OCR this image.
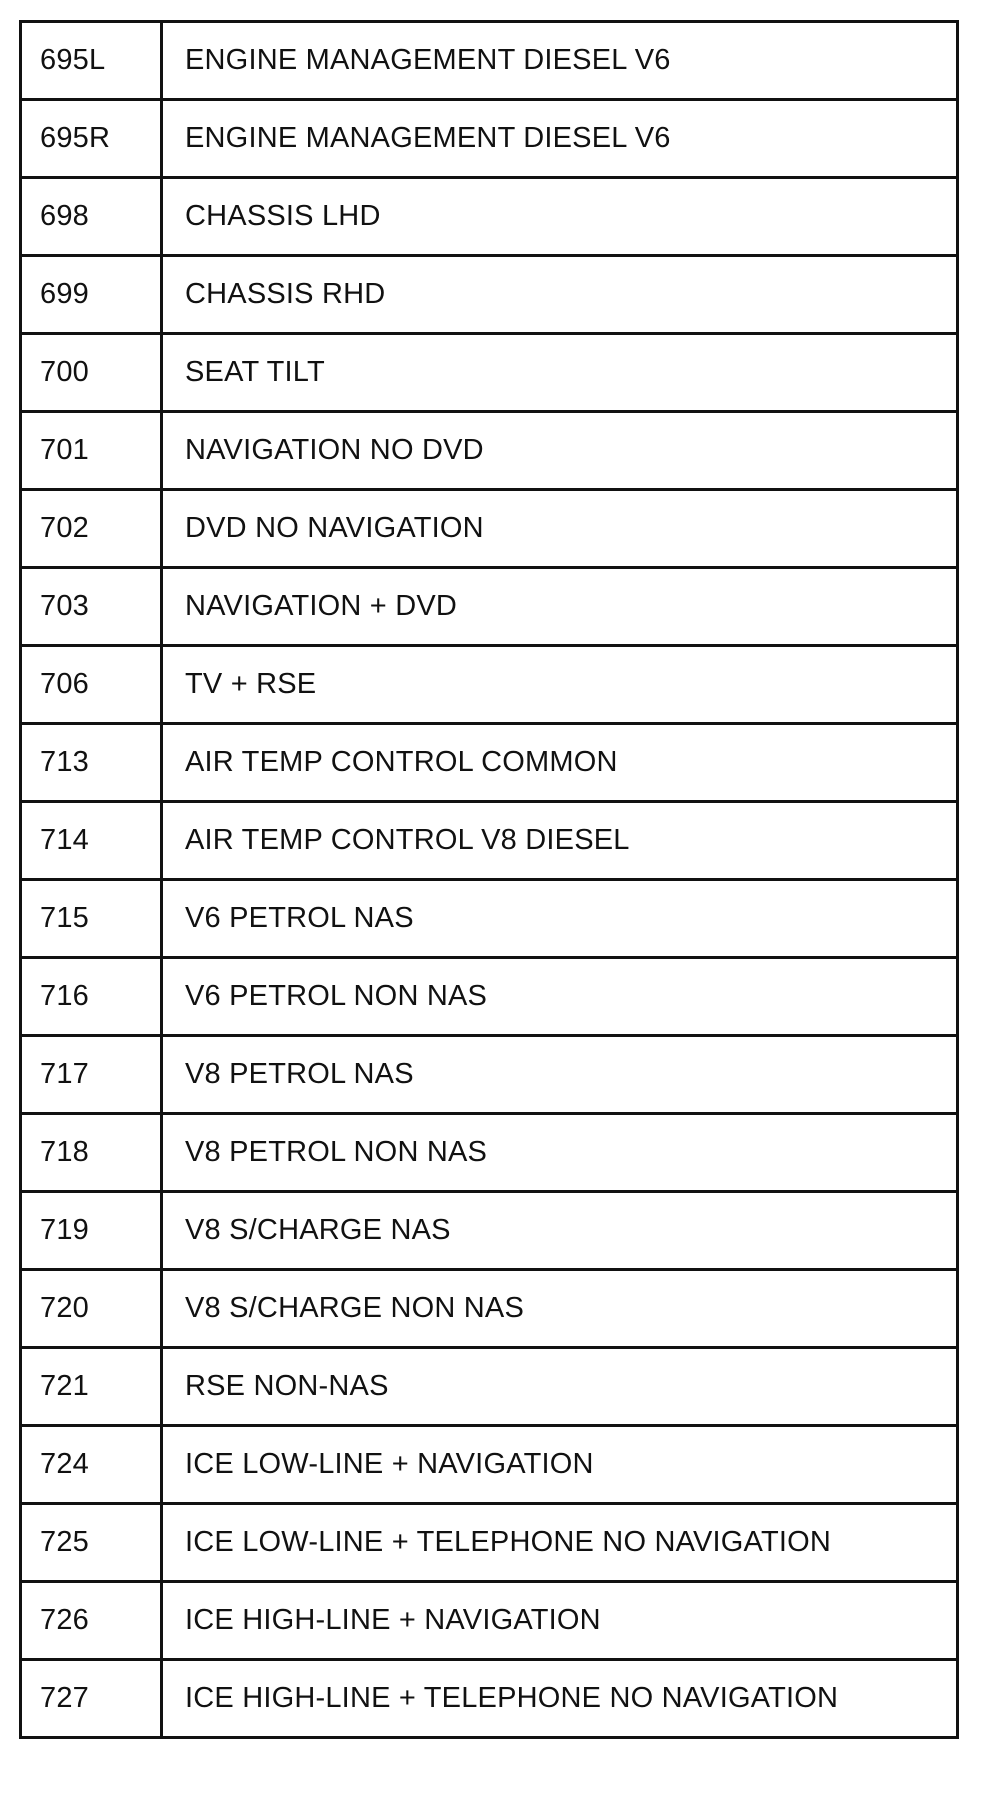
695L	ENGINE MANAGEMENT DIESEL V6
695R	ENGINE MANAGEMENT DIESEL V6
698	CHASSIS LHD
699	CHASSIS RHD
700	SEAT TILT
701	NAVIGATION NO DVD
702	DVD NO NAVIGATION
703	NAVIGATION + DVD
706	TV + RSE
713	AIR TEMP CONTROL COMMON
714	AIR TEMP CONTROL V8 DIESEL
715	V6 PETROL NAS
716	V6 PETROL NON NAS
717	V8 PETROL NAS
718	V8 PETROL NON NAS
719	V8 S/CHARGE NAS
720	V8 S/CHARGE NON NAS
721	RSE NON-NAS
724	ICE LOW-LINE + NAVIGATION
725	ICE LOW-LINE + TELEPHONE NO NAVIGATION
726	ICE HIGH-LINE + NAVIGATION
727	ICE HIGH-LINE + TELEPHONE NO NAVIGATION
